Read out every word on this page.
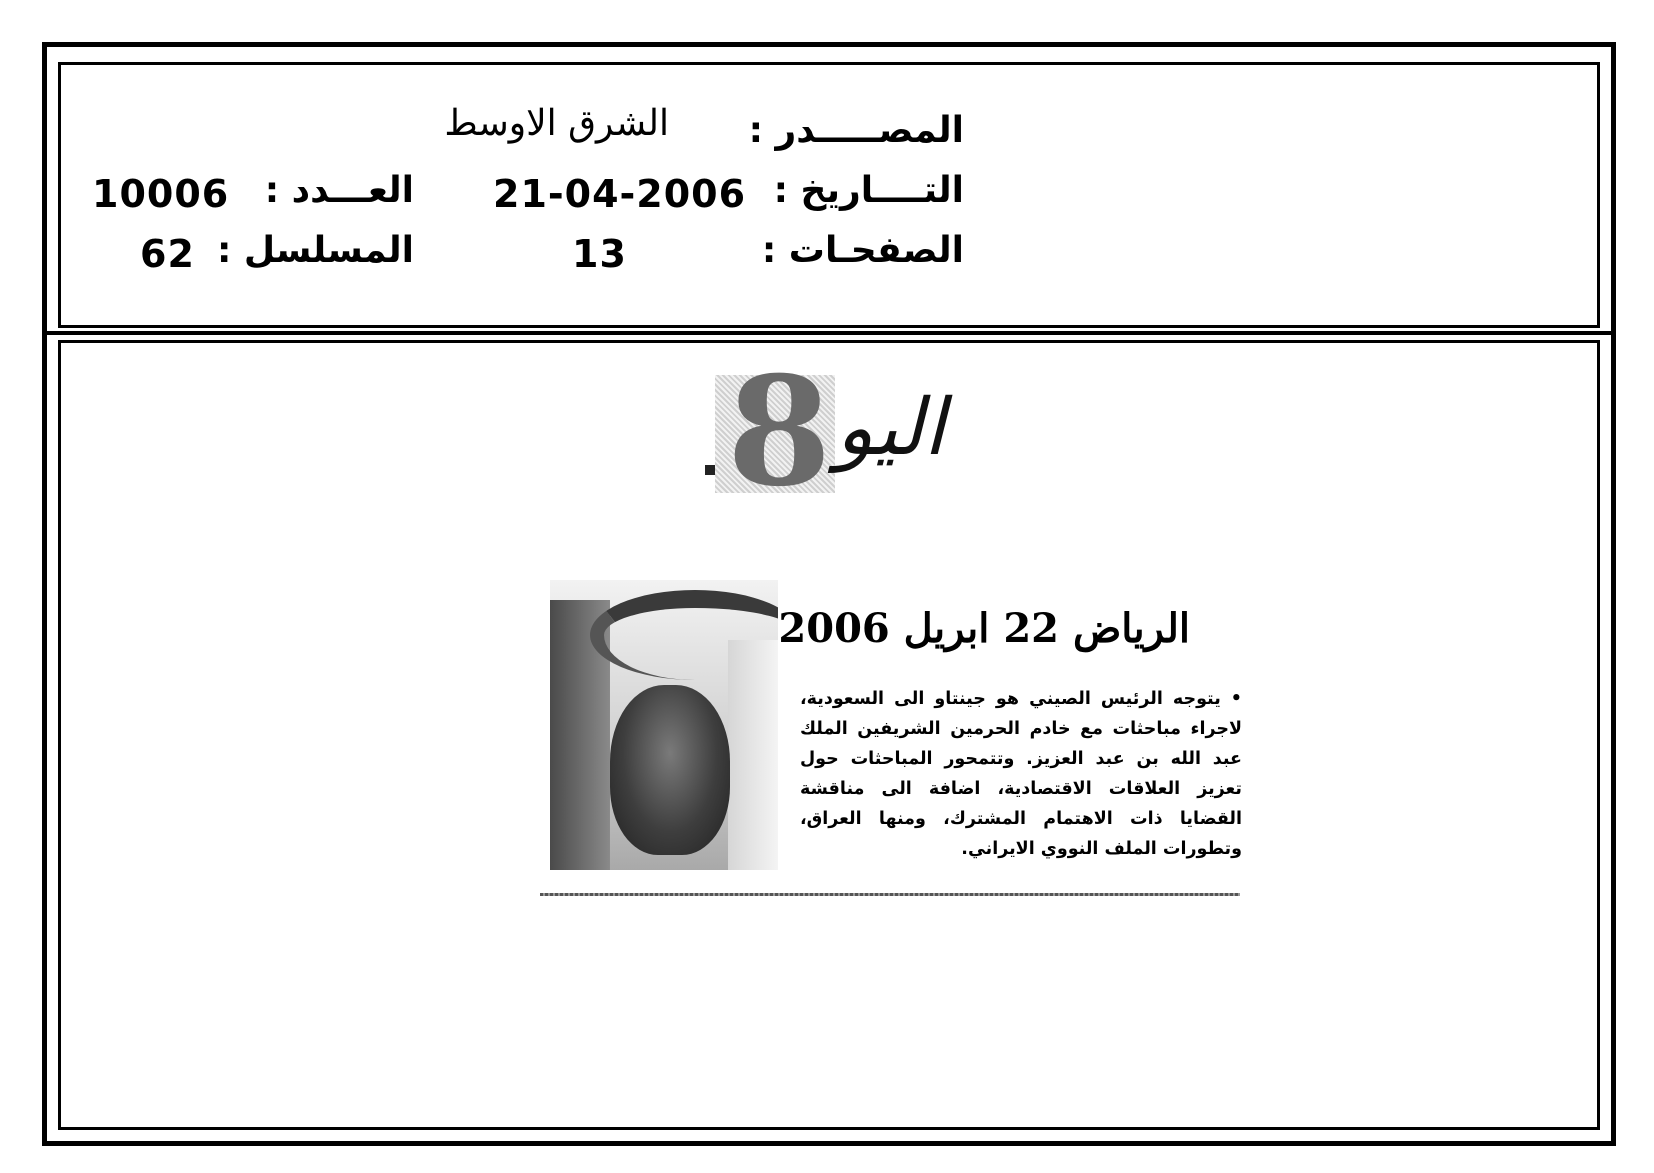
المصـــــدر :
الشرق الاوسط
التــــاريخ :
21-04-2006
العـــدد :
10006
الصفحـات :
13
المسلسل :
62
8 اليو
الرياض 22 ابريل 2006
• يتوجه الرئيس الصيني هو جينتاو الى السعودية، لاجراء مباحثات مع خادم الحرمين الشريفين الملك عبد الله بن عبد العزيز. وتتمحور المباحثات حول تعزيز العلاقات الاقتصادية، اضافة الى مناقشة القضايا ذات الاهتمام المشترك، ومنها العراق، وتطورات الملف النووي الايراني.
